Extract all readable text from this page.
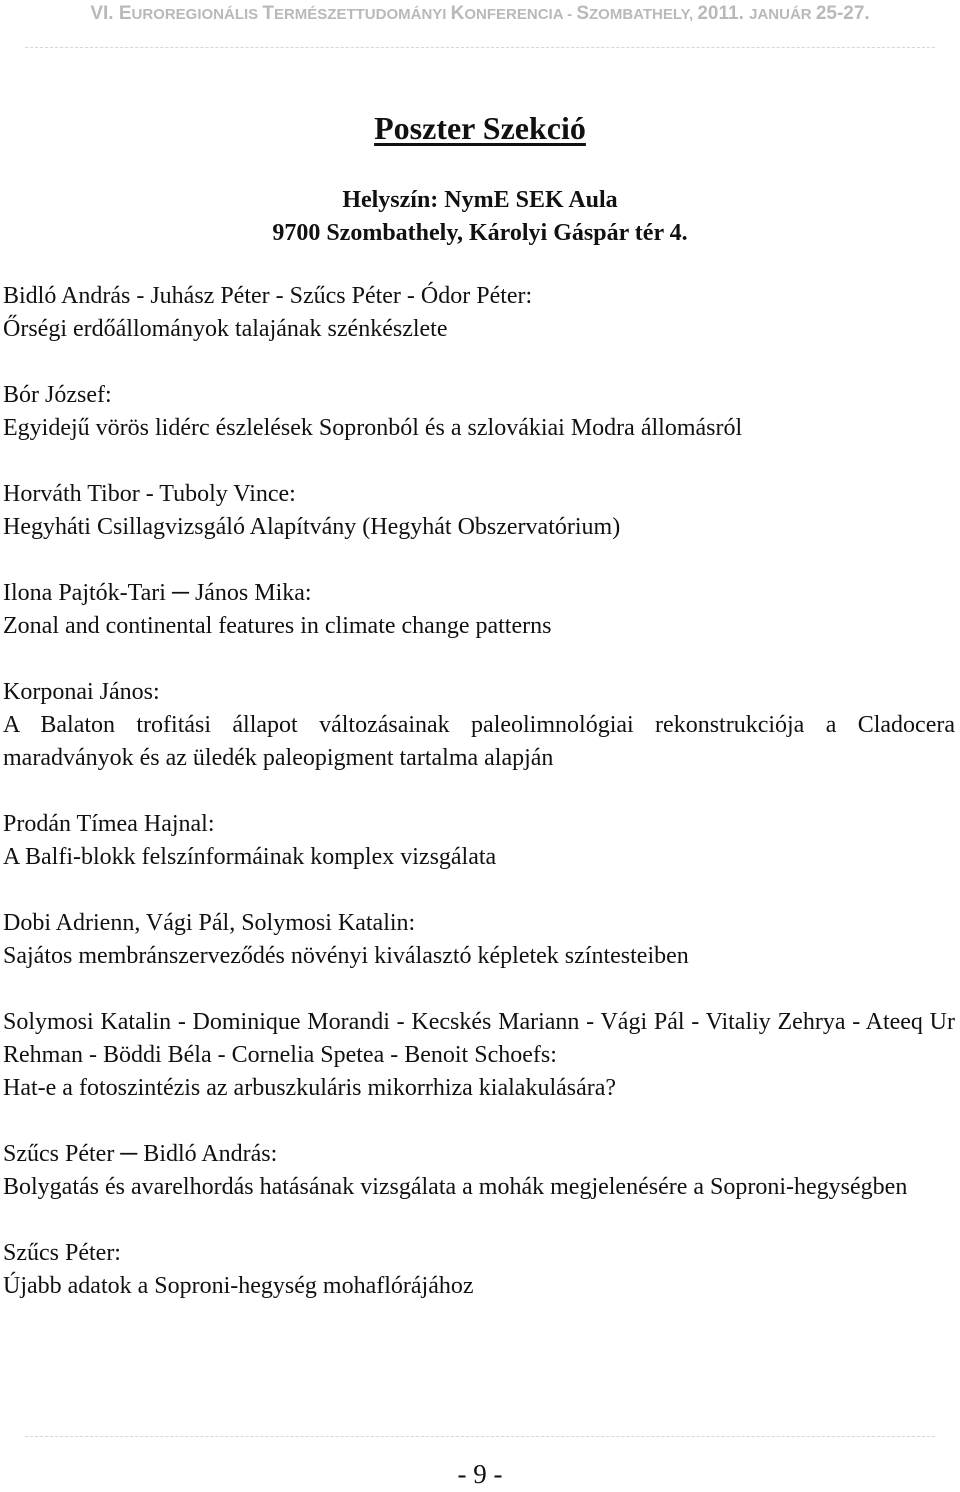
VI. EUROREGIONÁLIS TERMÉSZETTUDOMÁNYI KONFERENCIA - SZOMBATHELY, 2011. JANUÁR 25-27.
Poszter Szekció
Helyszín: NymE SEK Aula
9700 Szombathely, Károlyi Gáspár tér 4.
Bidló András - Juhász Péter - Szűcs Péter - Ódor Péter:
Őrségi erdőállományok talajának szénkészlete
Bór József:
Egyidejű vörös lidérc észlelések Sopronból és a szlovákiai Modra állomásról
Horváth Tibor - Tuboly Vince:
Hegyháti Csillagvizsgáló Alapítvány (Hegyhát Obszervatórium)
Ilona Pajtók-Tari ─ János Mika:
Zonal and continental features in climate change patterns
Korponai János:
A Balaton trofitási állapot változásainak paleolimnológiai rekonstrukciója a Cladocera maradványok és az üledék paleopigment tartalma alapján
Prodán Tímea Hajnal:
A Balfi-blokk felszínformáinak komplex vizsgálata
Dobi Adrienn, Vági Pál, Solymosi Katalin:
Sajátos membránszerveződés növényi kiválasztó képletek színtesteiben
Solymosi Katalin - Dominique Morandi - Kecskés Mariann - Vági Pál - Vitaliy Zehrya - Ateeq Ur Rehman - Böddi Béla - Cornelia Spetea - Benoit Schoefs:
Hat-e a fotoszintézis az arbuszkuláris mikorrhiza kialakulására?
Szűcs Péter ─ Bidló András:
Bolygatás és avarelhordás hatásának vizsgálata a mohák megjelenésére a Soproni-hegységben
Szűcs Péter:
Újabb adatok a Soproni-hegység mohaflórájához
- 9 -
